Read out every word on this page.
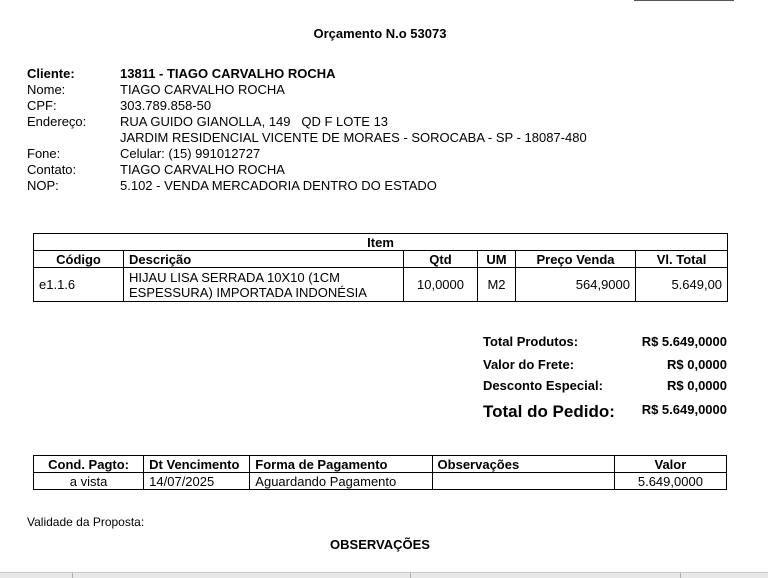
Orçamento N.o 53073
Cliente:	13811 - TIAGO CARVALHO ROCHA
Nome:	TIAGO CARVALHO ROCHA
CPF:	303.789.858-50
Endereço:	RUA GUIDO GIANOLLA, 149   QD F LOTE 13
JARDIM RESIDENCIAL VICENTE DE MORAES - SOROCABA - SP - 18087-480
Fone:	Celular: (15) 991012727
Contato:	TIAGO CARVALHO ROCHA
NOP:	5.102 - VENDA MERCADORIA DENTRO DO ESTADO
Item					
Código	Descrição	Qtd	UM	Preço Venda	Vl. Total
e1.1.6	HIJAU LISA SERRADA 10X10 (1CM ESPESSURA) IMPORTADA INDONÉSIA	10,0000	M2	564,9000	5.649,00
Total Produtos:	R$ 5.649,0000
Valor do Frete:	R$ 0,0000
Desconto Especial:	R$ 0,0000
Total do Pedido: R$ 5.649,0000
Cond. Pagto:	Dt Vencimento	Forma de Pagamento	Observações	Valor
a vista	14/07/2025	Aguardando Pagamento		5.649,0000
Validade da Proposta:
OBSERVAÇÕES
